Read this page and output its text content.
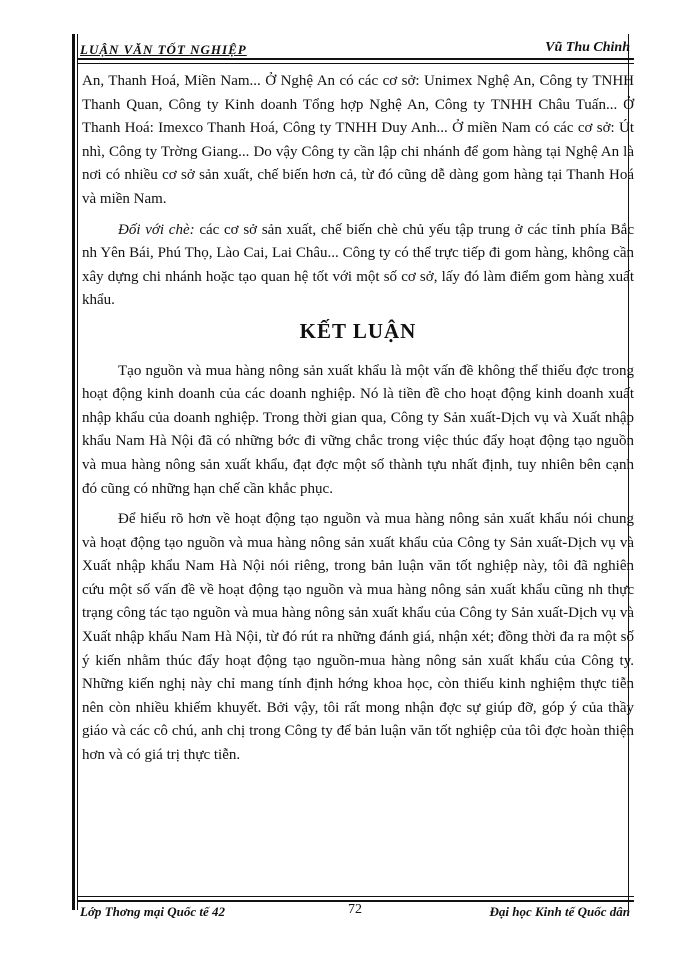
LUẬN VĂN TỐT NGHIỆP	Vũ Thu Chinh

An, Thanh Hoá, Miền Nam... Ở Nghệ An có các cơ sở: Unimex Nghệ An, Công ty TNHH Thanh Quan, Công ty Kinh doanh Tổng hợp Nghệ An, Công ty TNHH Châu Tuấn... Ở Thanh Hoá: Imexco Thanh Hoá, Công ty TNHH Duy Anh... Ở miền Nam có các cơ sở: Út nhì, Công ty Trờng Giang... Do vậy Công ty cần lập chi nhánh để gom hàng tại Nghệ An là nơi có nhiều cơ sở sản xuất, chế biến hơn cả, từ đó cũng dễ dàng gom hàng tại Thanh Hoá và miền Nam.

Đối với chè: các cơ sở sản xuất, chế biến chè chủ yếu tập trung ở các tỉnh phía Bắc nh Yên Bái, Phú Thọ, Lào Cai, Lai Châu... Công ty có thể trực tiếp đi gom hàng, không cần xây dựng chi nhánh hoặc tạo quan hệ tốt với một số cơ sở, lấy đó làm điểm gom hàng xuất khẩu.

KẾT LUẬN

Tạo nguồn và mua hàng nông sản xuất khẩu là một vấn đề không thể thiếu đợc trong hoạt động kinh doanh của các doanh nghiệp. Nó là tiền đề cho hoạt động kinh doanh xuất nhập khẩu của doanh nghiệp. Trong thời gian qua, Công ty Sản xuất-Dịch vụ và Xuất nhập khẩu Nam Hà Nội đã có những bớc đi vững chắc trong việc thúc đẩy hoạt động tạo nguồn và mua hàng nông sản xuất khẩu, đạt đợc một số thành tựu nhất định, tuy nhiên bên cạnh đó cũng có những hạn chế cần khắc phục.

Để hiểu rõ hơn về hoạt động tạo nguồn và mua hàng nông sản xuất khẩu nói chung và hoạt động tạo nguồn và mua hàng nông sản xuất khẩu của Công ty Sản xuất-Dịch vụ và Xuất nhập khẩu Nam Hà Nội nói riêng, trong bản luận văn tốt nghiệp này, tôi đã nghiên cứu một số vấn đề về hoạt động tạo nguồn và mua hàng nông sản xuất khẩu cũng nh thực trạng công tác tạo nguồn và mua hàng nông sản xuất khẩu của Công ty Sản xuất-Dịch vụ và Xuất nhập khẩu Nam Hà Nội, từ đó rút ra những đánh giá, nhận xét; đồng thời đa ra một số ý kiến nhằm thúc đẩy hoạt động tạo nguồn-mua hàng nông sản xuất khẩu của Công ty. Những kiến nghị này chỉ mang tính định hớng khoa học, còn thiếu kinh nghiệm thực tiễn nên còn nhiều khiếm khuyết. Bởi vậy, tôi rất mong nhận đợc sự giúp đỡ, góp ý của thầy giáo và các cô chú, anh chị trong Công ty để bản luận văn tốt nghiệp của tôi đợc hoàn thiện hơn và có giá trị thực tiễn.

Lớp Thơng mại Quốc tế 42	72	Đại học Kinh tế Quốc dân
